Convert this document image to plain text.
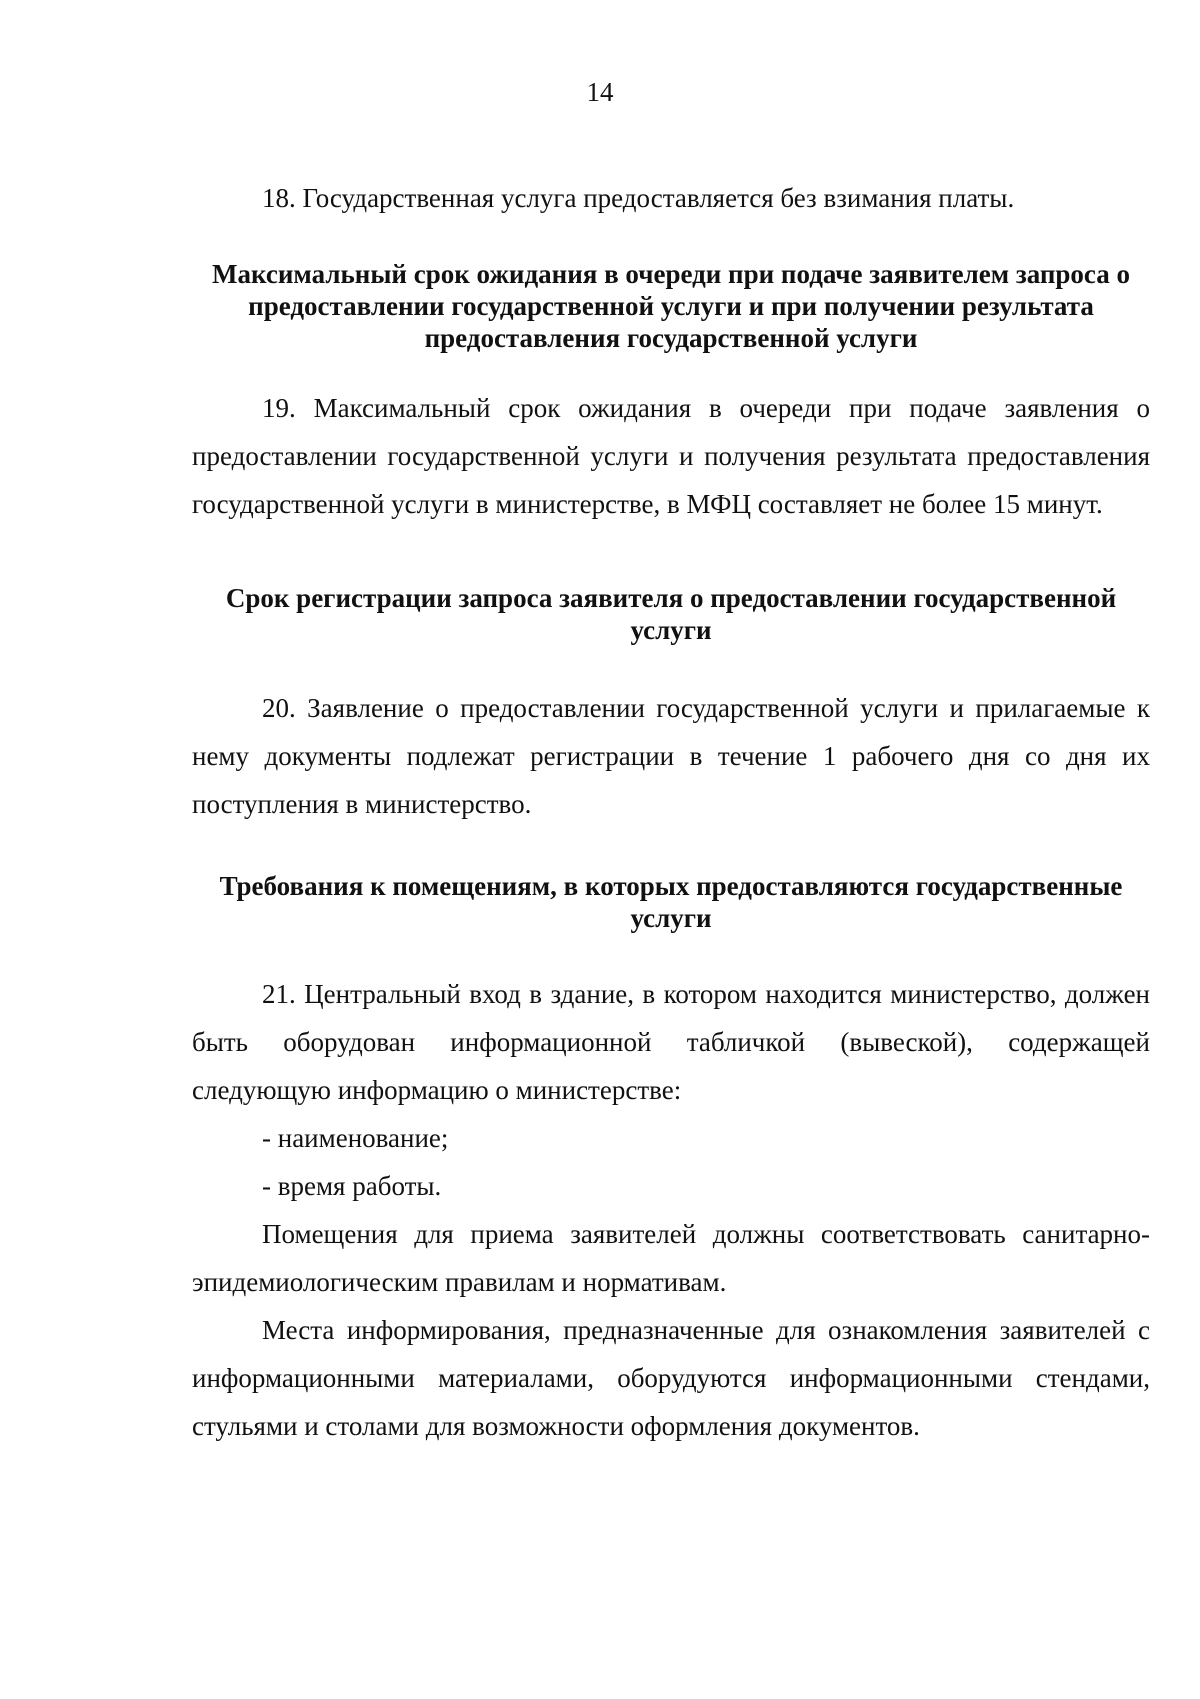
14

18. Государственная услуга предоставляется без взимания платы.

Максимальный срок ожидания в очереди при подаче заявителем запроса о предоставлении государственной услуги и при получении результата предоставления государственной услуги

19. Максимальный срок ожидания в очереди при подаче заявления о предоставлении государственной услуги и получения результата предоставления государственной услуги в министерстве, в МФЦ составляет не более 15 минут.

Срок регистрации запроса заявителя о предоставлении государственной услуги

20. Заявление о предоставлении государственной услуги и прилагаемые к нему документы подлежат регистрации в течение 1 рабочего дня со дня их поступления в министерство.

Требования к помещениям, в которых предоставляются государственные услуги

21. Центральный вход в здание, в котором находится министерство, должен быть оборудован информационной табличкой (вывеской), содержащей следующую информацию о министерстве:

- наименование;

- время работы.

Помещения для приема заявителей должны соответствовать санитарно-эпидемиологическим правилам и нормативам.

Места информирования, предназначенные для ознакомления заявителей с информационными материалами, оборудуются информационными стендами, стульями и столами для возможности оформления документов.
